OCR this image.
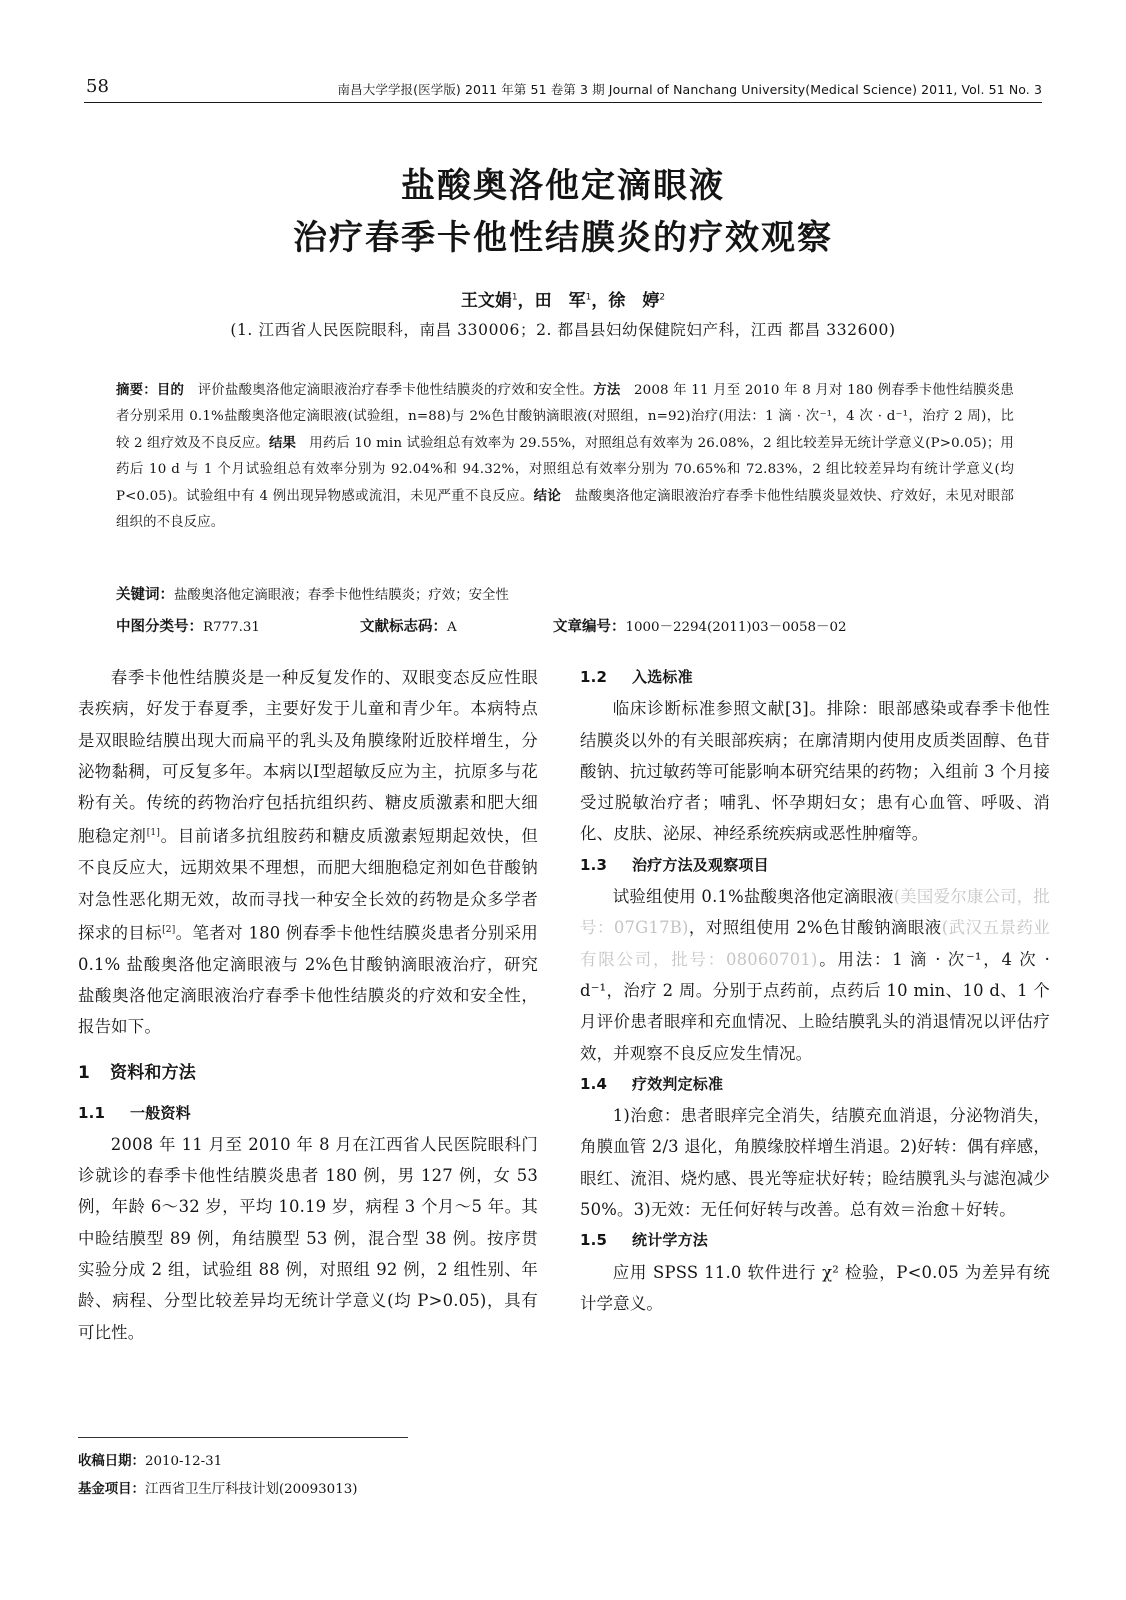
58	南昌大学学报(医学版) 2011 年第 51 卷第 3 期 Journal of Nanchang University(Medical Science) 2011, Vol. 51 No. 3
盐酸奥洛他定滴眼液
治疗春季卡他性结膜炎的疗效观察
王文娟$^1$，田　军$^1$，徐　婷$^2$
(1. 江西省人民医院眼科，南昌 330006；2. 都昌县妇幼保健院妇产科，江西 都昌 332600)
摘要：目的 评价盐酸奥洛他定滴眼液治疗春季卡他性结膜炎的疗效和安全性。方法 2008 年 11 月至 2010 年 8 月对 180 例春季卡他性结膜炎患者分别采用 0.1%盐酸奥洛他定滴眼液(试验组，n=88)与 2%色甘酸钠滴眼液(对照组，n=92)治疗(用法：1 滴 · 次⁻¹，4 次 · d⁻¹，治疗 2 周)，比较 2 组疗效及不良反应。结果 用药后 10 min 试验组总有效率为 29.55%，对照组总有效率为 26.08%，2 组比较差异无统计学意义(P>0.05)；用药后 10 d 与 1 个月试验组总有效率分别为 92.04%和 94.32%，对照组总有效率分别为 70.65%和 72.83%，2 组比较差异均有统计学意义(均 P<0.05)。试验组中有 4 例出现异物感或流泪，未见严重不良反应。结论 盐酸奥洛他定滴眼液治疗春季卡他性结膜炎显效快、疗效好，未见对眼部组织的不良反应。
关键词：盐酸奥洛他定滴眼液；春季卡他性结膜炎；疗效；安全性
中图分类号：R777.31	文献标志码：A	文章编号：1000－2294(2011)03－0058－02

春季卡他性结膜炎是一种反复发作的、双眼变态反应性眼表疾病，好发于春夏季，主要好发于儿童和青少年。本病特点是双眼睑结膜出现大而扁平的乳头及角膜缘附近胶样增生，分泌物黏稠，可反复多年。本病以Ⅰ型超敏反应为主，抗原多与花粉有关。传统的药物治疗包括抗组织药、糖皮质激素和肥大细胞稳定剂[1]。目前诸多抗组胺药和糖皮质激素短期起效快，但不良反应大，远期效果不理想，而肥大细胞稳定剂如色苷酸钠对急性恶化期无效，故而寻找一种安全长效的药物是众多学者探求的目标[2]。笔者对 180 例春季卡他性结膜炎患者分别采用 0.1% 盐酸奥洛他定滴眼液与 2%色甘酸钠滴眼液治疗，研究盐酸奥洛他定滴眼液治疗春季卡他性结膜炎的疗效和安全性，报告如下。

1 资料和方法
1.1 一般资料

2008 年 11 月至 2010 年 8 月在江西省人民医院眼科门诊就诊的春季卡他性结膜炎患者 180 例，男 127 例，女 53 例，年龄 6～32 岁，平均 10.19 岁，病程 3 个月～5 年。其中睑结膜型 89 例，角结膜型 53 例，混合型 38 例。按序贯实验分成 2 组，试验组 88 例，对照组 92 例，2 组性别、年龄、病程、分型比较差异均无统计学意义(均 P>0.05)，具有可比性。

1.2 入选标准

临床诊断标准参照文献[3]。排除：眼部感染或春季卡他性结膜炎以外的有关眼部疾病；在廓清期内使用皮质类固醇、色苷酸钠、抗过敏药等可能影响本研究结果的药物；入组前 3 个月接受过脱敏治疗者；哺乳、怀孕期妇女；患有心血管、呼吸、消化、皮肤、泌尿、神经系统疾病或恶性肿瘤等。

1.3 治疗方法及观察项目

试验组使用 0.1%盐酸奥洛他定滴眼液(美国爱尔康公司，批号：07G17B)，对照组使用 2%色甘酸钠滴眼液(武汉五景药业有限公司，批号：08060701)。用法：1 滴 · 次⁻¹，4 次 · d⁻¹，治疗 2 周。分别于点药前，点药后 10 min、10 d、1 个月评价患者眼痒和充血情况、上睑结膜乳头的消退情况以评估疗效，并观察不良反应发生情况。

1.4 疗效判定标准

1)治愈：患者眼痒完全消失，结膜充血消退，分泌物消失，角膜血管 2/3 退化，角膜缘胶样增生消退。2)好转：偶有痒感，眼红、流泪、烧灼感、畏光等症状好转；睑结膜乳头与滤泡减少 50%。3)无效：无任何好转与改善。总有效＝治愈＋好转。

1.5 统计学方法

应用 SPSS 11.0 软件进行 χ² 检验，P<0.05 为差异有统计学意义。

收稿日期：2010-12-31
基金项目：江西省卫生厅科技计划(20093013)
